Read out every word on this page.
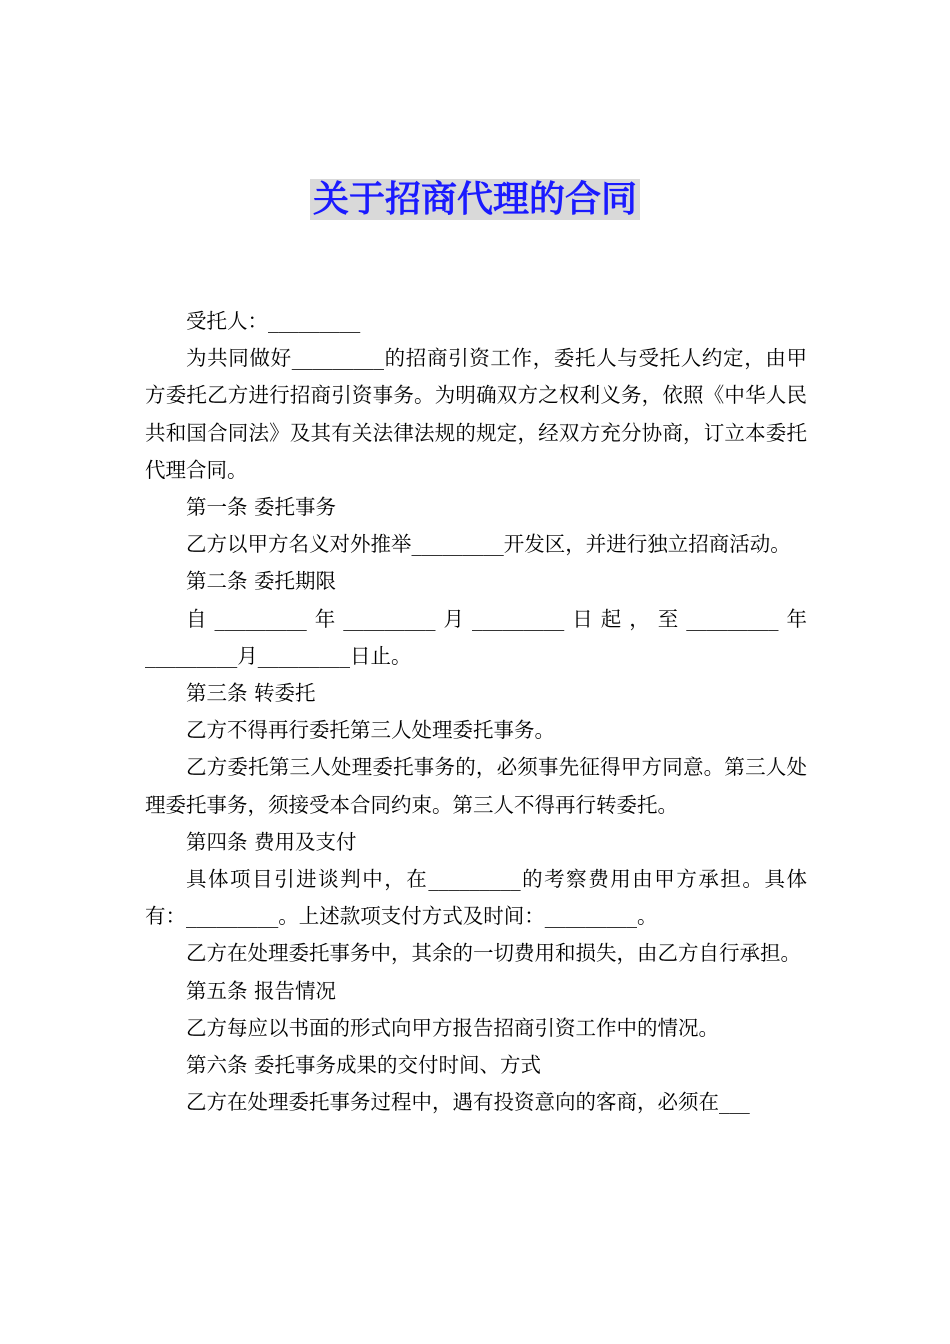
关于招商代理的合同

受托人：_________

为共同做好_________的招商引资工作，委托人与受托人约定，由甲方委托乙方进行招商引资事务。为明确双方之权利义务，依照《中华人民共和国合同法》及其有关法律法规的规定，经双方充分协商，订立本委托代理合同。

第一条 委托事务

乙方以甲方名义对外推举_________开发区，并进行独立招商活动。

第二条 委托期限

自_________年_________月_________日起，至_________年_________月_________日止。

第三条 转委托

乙方不得再行委托第三人处理委托事务。

乙方委托第三人处理委托事务的，必须事先征得甲方同意。第三人处理委托事务，须接受本合同约束。第三人不得再行转委托。

第四条 费用及支付

具体项目引进谈判中，在_________的考察费用由甲方承担。具体有：_________。上述款项支付方式及时间：_________。

乙方在处理委托事务中，其余的一切费用和损失，由乙方自行承担。

第五条 报告情况

乙方每应以书面的形式向甲方报告招商引资工作中的情况。

第六条 委托事务成果的交付时间、方式

乙方在处理委托事务过程中，遇有投资意向的客商，必须在___
